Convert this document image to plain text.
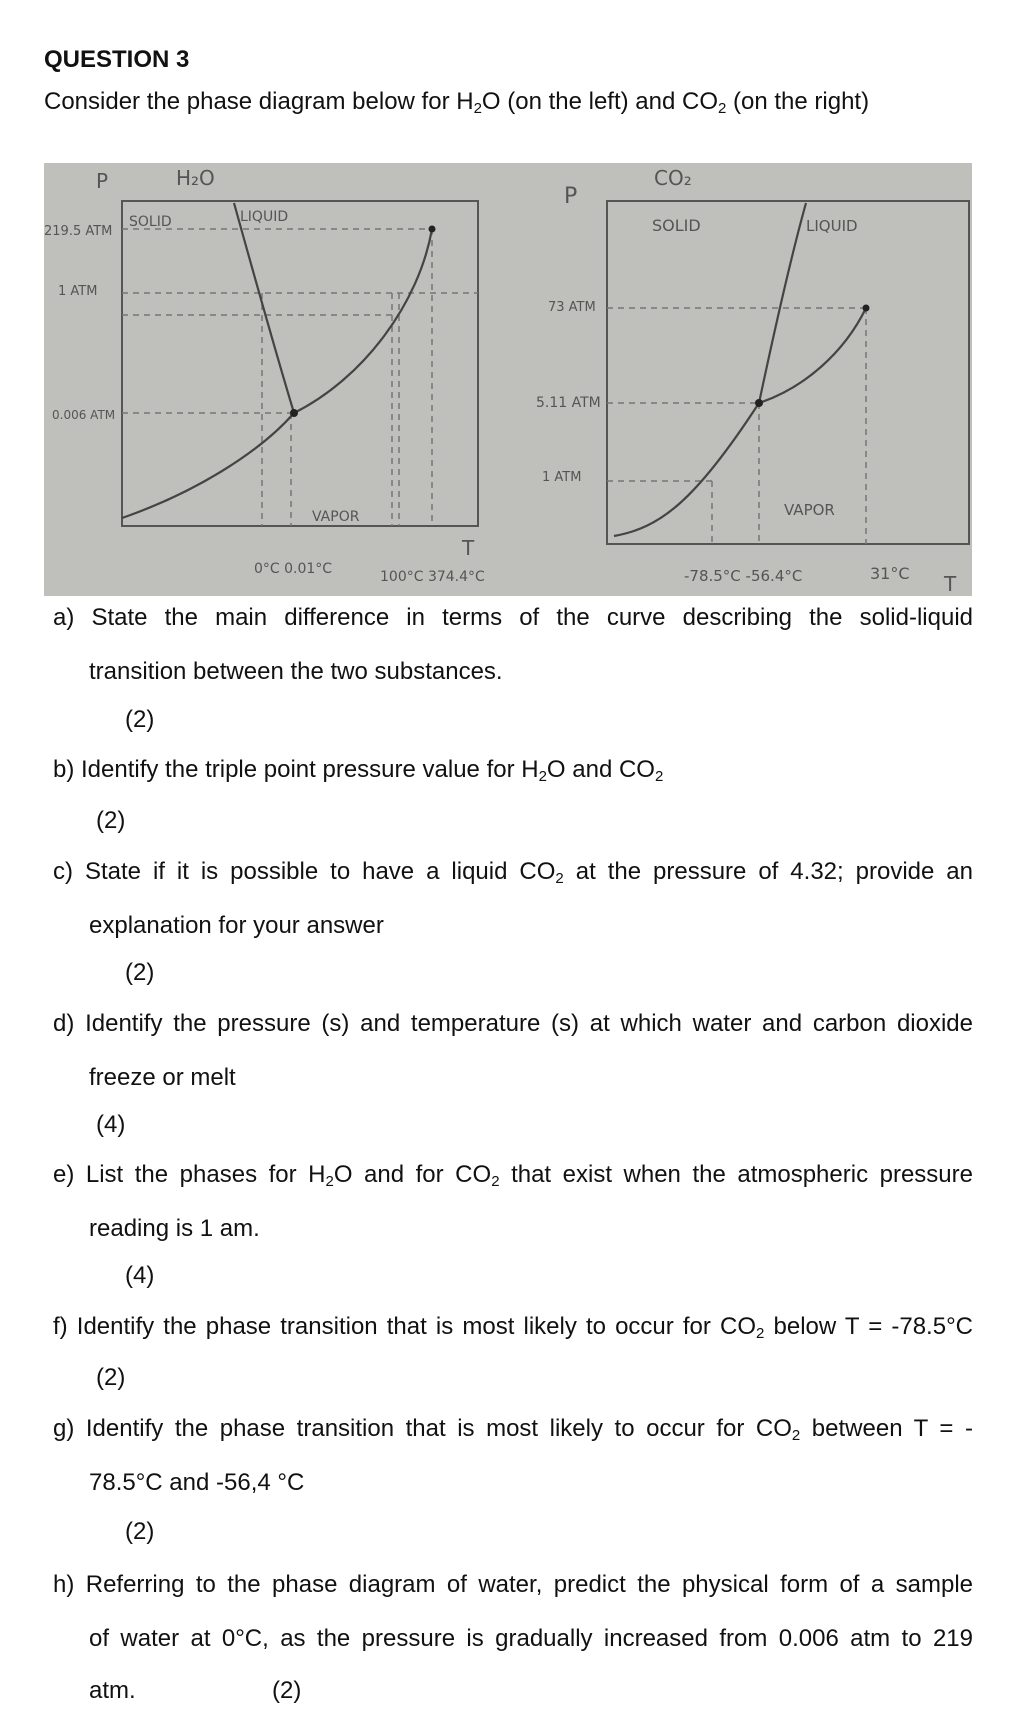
QUESTION 3
Consider the phase diagram below for $H_2O$ (on the left) and $CO_2$ (on the right)
P	H₂O
219.5 ATM
1 ATM
0.006 ATM
SOLID	LIQUID
VAPOR
T
0°C 0.01°C	100°C 374.4°C
P
CO₂
73 ATM
5.11 ATM
1 ATM
SOLID	LIQUID
VAPOR
-78.5°C -56.4°C	31°C T
a) State the main difference in terms of the curve describing the solid-liquid
transition between the two substances.
(2)
b) Identify the triple point pressure value for $H_2O$ and $CO_2$
(2)
c) State if it is possible to have a liquid $CO_2$ at the pressure of 4.32; provide an
explanation for your answer
(2)
d) Identify the pressure (s) and temperature (s) at which water and carbon dioxide
freeze or melt
(4)
e) List the phases for $H_2O$ and for $CO_2$ that exist when the atmospheric pressure
reading is 1 am.
(4)
f) Identify the phase transition that is most likely to occur for $CO_2$ below T = -78.5°C
(2)
g) Identify the phase transition that is most likely to occur for $CO_2$ between T = -
78.5°C and -56,4 °C
(2)
h) Referring to the phase diagram of water, predict the physical form of a sample
of water at 0°C, as the pressure is gradually increased from 0.006 atm to 219
atm.	(2)
